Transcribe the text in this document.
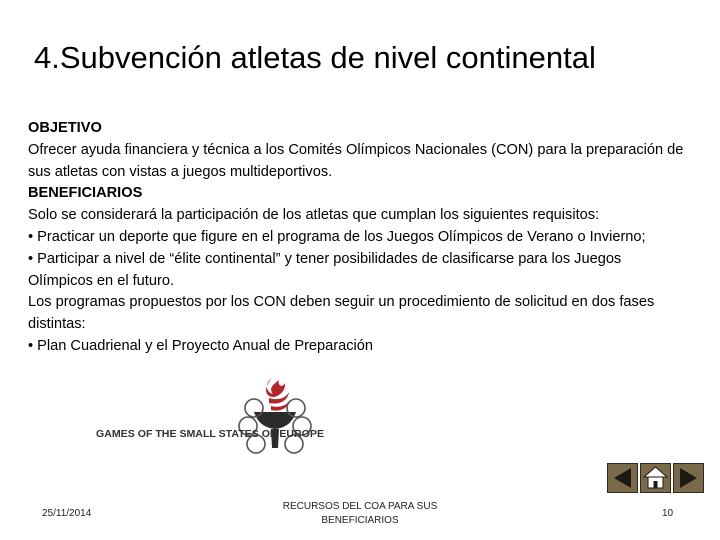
4.Subvención atletas de nivel continental

OBJETIVO

Ofrecer ayuda financiera y técnica a los Comités Olímpicos Nacionales (CON) para la preparación de sus atletas con vistas a juegos multideportivos.

BENEFICIARIOS

Solo se considerará la participación de los atletas que cumplan los siguientes requisitos:

• Practicar un deporte que figure en el programa de los Juegos Olímpicos de Verano o Invierno;

• Participar a nivel de “élite continental” y tener posibilidades de clasificarse para los Juegos Olímpicos en el futuro.

Los programas propuestos por los CON deben seguir un procedimiento de solicitud en dos fases distintas:

• Plan Cuadrienal y el Proyecto Anual de Preparación

GAMES OF THE SMALL STATES OF EUROPE
25/11/2014
RECURSOS DEL COA PARA SUS BENEFICIARIOS
10
